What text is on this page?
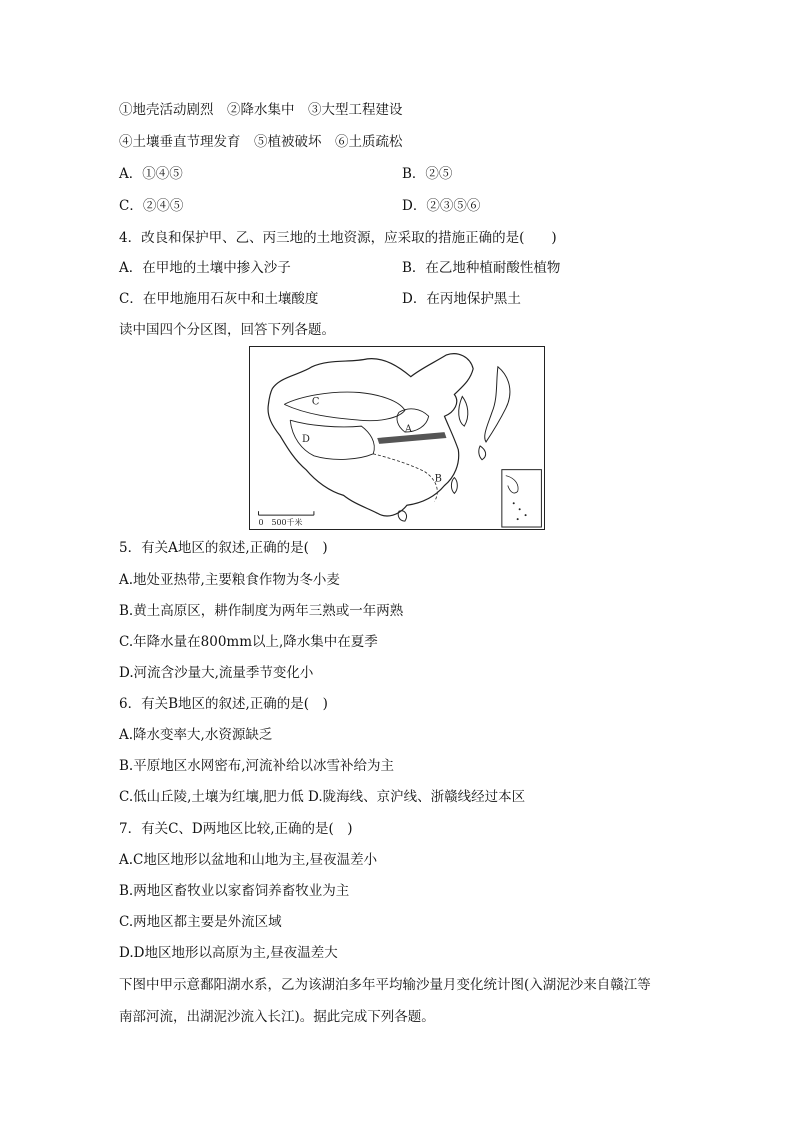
①地壳活动剧烈　②降水集中　③大型工程建设
④土壤垂直节理发育　⑤植被破坏　⑥土质疏松
A．①④⑤	B．②⑤
C．②④⑤	D．②③⑤⑥
4．改良和保护甲、乙、丙三地的土地资源，应采取的措施正确的是(　　)
A．在甲地的土壤中掺入沙子	B．在乙地种植耐酸性植物
C．在甲地施用石灰中和土壤酸度	D．在丙地保护黑土
读中国四个分区图，回答下列各题。
0　500千米
C
D
A
B
5．有关A地区的叙述,正确的是(　)
A.地处亚热带,主要粮食作物为冬小麦
B.黄土高原区，耕作制度为两年三熟或一年两熟
C.年降水量在800mm以上,降水集中在夏季
D.河流含沙量大,流量季节变化小
6．有关B地区的叙述,正确的是(　)
A.降水变率大,水资源缺乏
B.平原地区水网密布,河流补给以冰雪补给为主
C.低山丘陵,土壤为红壤,肥力低 D.陇海线、京沪线、浙赣线经过本区
7．有关C、D两地区比较,正确的是(　)
A.C地区地形以盆地和山地为主,昼夜温差小
B.两地区畜牧业以家畜饲养畜牧业为主
C.两地区都主要是外流区域
D.D地区地形以高原为主,昼夜温差大
下图中甲示意鄱阳湖水系，乙为该湖泊多年平均输沙量月变化统计图(入湖泥沙来自赣江等
南部河流，出湖泥沙流入长江)。据此完成下列各题。
